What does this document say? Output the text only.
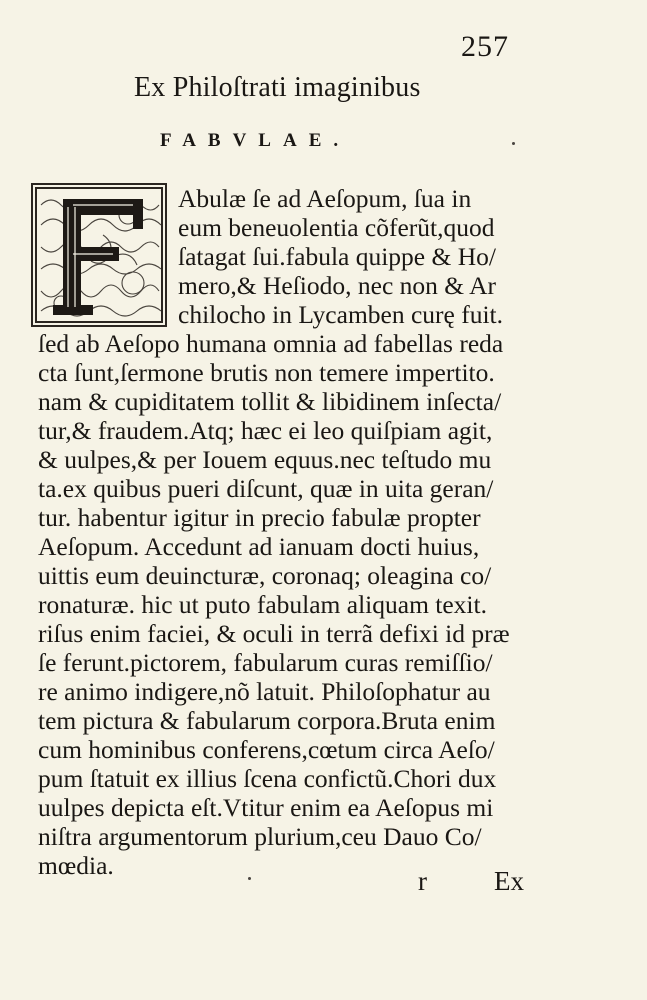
257
Ex Philoſtrati imaginibus
FABVLAE.
Abulæ ſe ad Aeſopum, ſua in
eum beneuolentia cõferũt,quod
ſatagat ſui.fabula quippe & Ho/
mero,& Heſiodo, nec non & Ar
chilocho in Lycamben curę fuit.
ſed ab Aeſopo humana omnia ad fabellas reda
cta ſunt,ſermone brutis non temere impertito.
nam & cupiditatem tollit & libidinem inſecta/
tur,& fraudem.Atq; hæc ei leo quiſpiam agit,
& uulpes,& per Iouem equus.nec teſtudo mu
ta.ex quibus pueri diſcunt, quæ in uita geran/
tur. habentur igitur in precio fabulæ propter
Aeſopum. Accedunt ad ianuam docti huius,
uittis eum deuincturæ, coronaq; oleagina co/
ronaturæ. hic ut puto fabulam aliquam texit.
riſus enim faciei, & oculi in terrã defixi id præ
ſe ferunt.pictorem, fabularum curas remiſſio/
re animo indigere,nõ latuit. Philoſophatur au
tem pictura & fabularum corpora.Bruta enim
cum hominibus conferens,cœtum circa Aeſo/
pum ſtatuit ex illius ſcena confictũ.Chori dux
uulpes depicta eſt.Vtitur enim ea Aeſopus mi
niſtra argumentorum plurium,ceu Dauo Co/
mœdia.
r Ex
